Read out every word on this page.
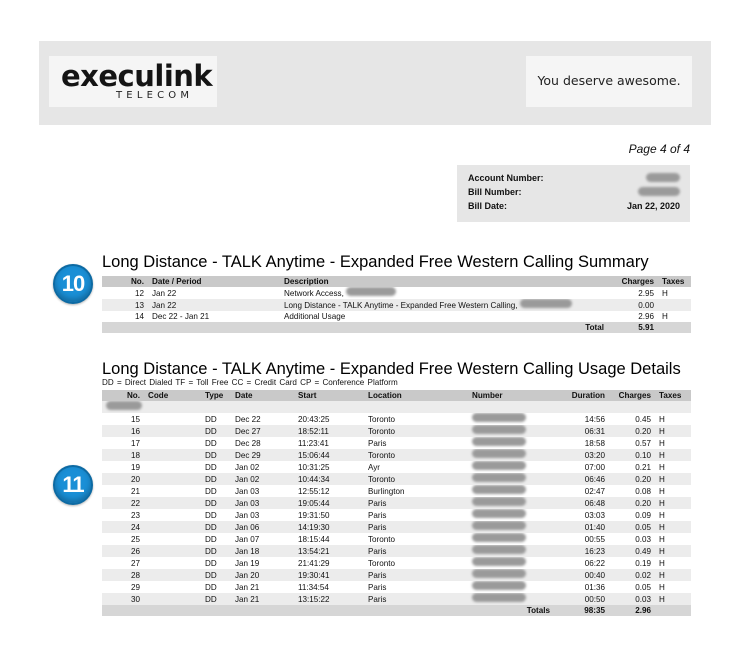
execulink
TELECOM
You deserve awesome.
Page 4 of 4
Account Number:
Bill Number:
Bill Date:	Jan 22, 2020
10
Long Distance - TALK Anytime - Expanded Free Western Calling Summary
No.	Date / Period	Description	Charges	Taxes
12	Jan 22	Network Access,	2.95	H
13	Jan 22	Long Distance - TALK Anytime - Expanded Free Western Calling,	0.00	
14	Dec 22 - Jan 21	Additional Usage	2.96	H
		Total	5.91	
11
Long Distance - TALK Anytime - Expanded Free Western Calling Usage Details
DD = Direct Dialed TF = Toll Free CC = Credit Card CP = Conference Platform
No.	Code	Type	Date	Start	Location	Number	Duration	Charges	Taxes

15		DD	Dec 22	20:43:25	Toronto		14:56	0.45	H
16		DD	Dec 27	18:52:11	Toronto		06:31	0.20	H
17		DD	Dec 28	11:23:41	Paris		18:58	0.57	H
18		DD	Dec 29	15:06:44	Toronto		03:20	0.10	H
19		DD	Jan 02	10:31:25	Ayr		07:00	0.21	H
20		DD	Jan 02	10:44:34	Toronto		06:46	0.20	H
21		DD	Jan 03	12:55:12	Burlington		02:47	0.08	H
22		DD	Jan 03	19:05:44	Paris		06:48	0.20	H
23		DD	Jan 03	19:31:50	Paris		03:03	0.09	H
24		DD	Jan 06	14:19:30	Paris		01:40	0.05	H
25		DD	Jan 07	18:15:44	Toronto		00:55	0.03	H
26		DD	Jan 18	13:54:21	Paris		16:23	0.49	H
27		DD	Jan 19	21:41:29	Toronto		06:22	0.19	H
28		DD	Jan 20	19:30:41	Paris		00:40	0.02	H
29		DD	Jan 21	11:34:54	Paris		01:36	0.05	H
30		DD	Jan 21	13:15:22	Paris		00:50	0.03	H
						Totals	98:35	2.96	
